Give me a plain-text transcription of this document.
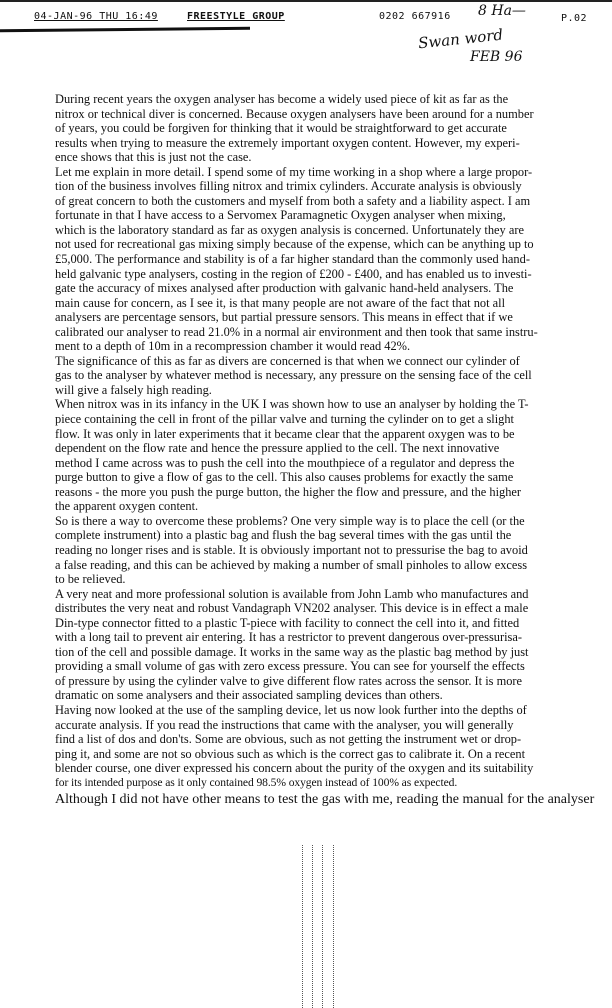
04-JAN-96 THU 16:49	FREESTYLE GROUP	0202 667916	P.02
8 Ha—
Swan word
FEB 96
During recent years the oxygen analyser has become a widely used piece of kit as far as the
nitrox or technical diver is concerned. Because oxygen analysers have been around for a number
of years, you could be forgiven for thinking that it would be straightforward to get accurate
results when trying to measure the extremely important oxygen content. However, my experi-
ence shows that this is just not the case.
Let me explain in more detail. I spend some of my time working in a shop where a large propor-
tion of the business involves filling nitrox and trimix cylinders. Accurate analysis is obviously
of great concern to both the customers and myself from both a safety and a liability aspect. I am
fortunate in that I have access to a Servomex Paramagnetic Oxygen analyser when mixing,
which is the laboratory standard as far as oxygen analysis is concerned. Unfortunately they are
not used for recreational gas mixing simply because of the expense, which can be anything up to
£5,000. The performance and stability is of a far higher standard than the commonly used hand-
held galvanic type analysers, costing in the region of £200 - £400, and has enabled us to investi-
gate the accuracy of mixes analysed after production with galvanic hand-held analysers. The
main cause for concern, as I see it, is that many people are not aware of the fact that not all
analysers are percentage sensors, but partial pressure sensors. This means in effect that if we
calibrated our analyser to read 21.0% in a normal air environment and then took that same instru-
ment to a depth of 10m in a recompression chamber it would read 42%.
The significance of this as far as divers are concerned is that when we connect our cylinder of
gas to the analyser by whatever method is necessary, any pressure on the sensing face of the cell
will give a falsely high reading.
When nitrox was in its infancy in the UK I was shown how to use an analyser by holding the T-
piece containing the cell in front of the pillar valve and turning the cylinder on to get a slight
flow. It was only in later experiments that it became clear that the apparent oxygen was to be
dependent on the flow rate and hence the pressure applied to the cell. The next innovative
method I came across was to push the cell into the mouthpiece of a regulator and depress the
purge button to give a flow of gas to the cell. This also causes problems for exactly the same
reasons - the more you push the purge button, the higher the flow and pressure, and the higher
the apparent oxygen content.
So is there a way to overcome these problems? One very simple way is to place the cell (or the
complete instrument) into a plastic bag and flush the bag several times with the gas until the
reading no longer rises and is stable. It is obviously important not to pressurise the bag to avoid
a false reading, and this can be achieved by making a number of small pinholes to allow excess
to be relieved.
A very neat and more professional solution is available from John Lamb who manufactures and
distributes the very neat and robust Vandagraph VN202 analyser. This device is in effect a male
Din-type connector fitted to a plastic T-piece with facility to connect the cell into it, and fitted
with a long tail to prevent air entering. It has a restrictor to prevent dangerous over-pressurisa-
tion of the cell and possible damage. It works in the same way as the plastic bag method by just
providing a small volume of gas with zero excess pressure. You can see for yourself the effects
of pressure by using the cylinder valve to give different flow rates across the sensor. It is more
dramatic on some analysers and their associated sampling devices than others.
Having now looked at the use of the sampling device, let us now look further into the depths of
accurate analysis. If you read the instructions that came with the analyser, you will generally
find a list of dos and don'ts. Some are obvious, such as not getting the instrument wet or drop-
ping it, and some are not so obvious such as which is the correct gas to calibrate it. On a recent
blender course, one diver expressed his concern about the purity of the oxygen and its suitability
for its intended purpose as it only contained 98.5% oxygen instead of 100% as expected.
Although I did not have other means to test the gas with me, reading the manual for the analyser
